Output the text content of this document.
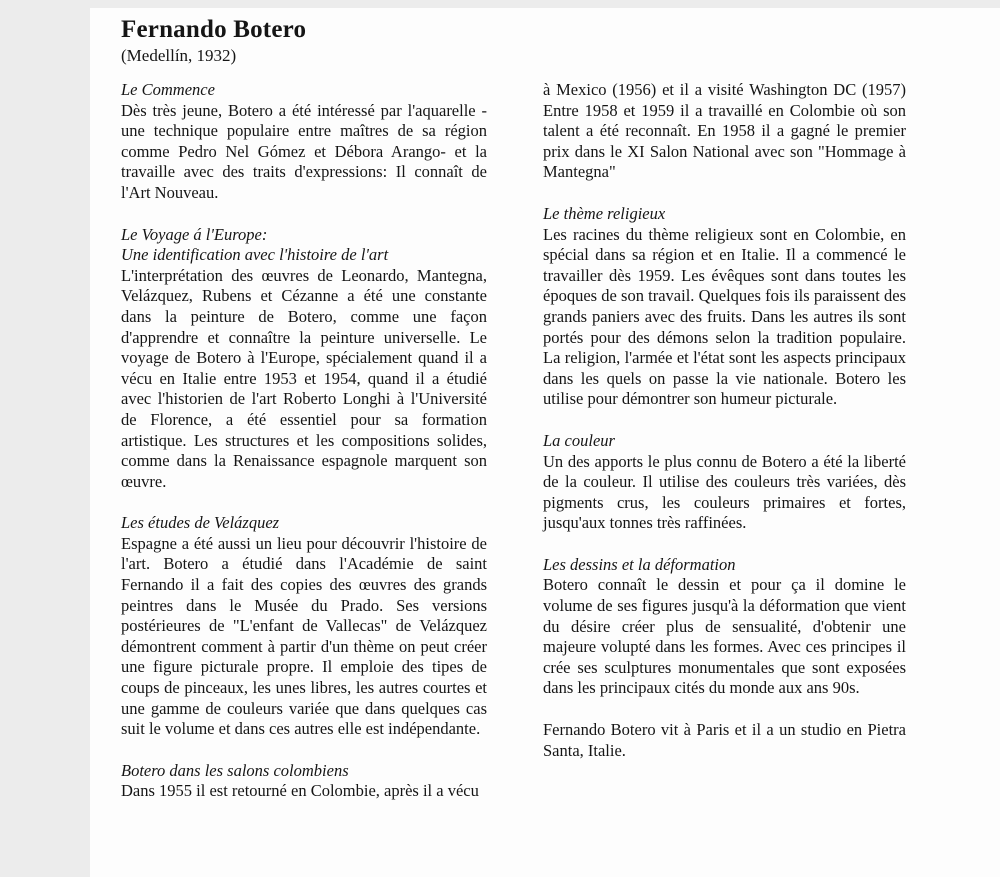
Fernando Botero

(Medellín, 1932)

Le Commence

Dès très jeune, Botero a été intéressé par l'aquarelle - une technique populaire entre maîtres de sa région comme Pedro Nel Gómez et Débora Arango- et la travaille avec des traits d'expressions: Il connaît de l'Art Nouveau.

Le Voyage á l'Europe:

Une identification avec l'histoire de l'art

L'interprétation des œuvres de Leonardo, Mantegna, Velázquez, Rubens et Cézanne a été une constante dans la peinture de Botero, comme une façon d'apprendre et connaître la peinture universelle. Le voyage de Botero à l'Europe, spécialement quand il a vécu en Italie entre 1953 et 1954, quand il a étudié avec l'historien de l'art Roberto Longhi à l'Université de Florence, a été essentiel pour sa formation artistique. Les structures et les compositions solides, comme dans la Renaissance espagnole marquent son œuvre.

Les études de Velázquez

Espagne a été aussi un lieu pour découvrir l'histoire de l'art. Botero a étudié dans l'Académie de saint Fernando il a fait des copies des œuvres des grands peintres dans le Musée du Prado. Ses versions postérieures de "L'enfant de Vallecas" de Velázquez démontrent comment à partir d'un thème on peut créer une figure picturale propre. Il emploie des tipes de coups de pinceaux, les unes libres, les autres courtes et une gamme de couleurs variée que dans quelques cas suit le volume et dans ces autres elle est indépendante.

Botero dans les salons colombiens

Dans 1955 il est retourné en Colombie, après il a vécu

à Mexico (1956) et il a visité Washington DC (1957) Entre 1958 et 1959 il a travaillé en Colombie où son talent a été reconnaît. En 1958 il a gagné le premier prix dans le XI Salon National avec son "Hommage à Mantegna"

Le thème religieux

Les racines du thème religieux sont en Colombie, en spécial dans sa région et en Italie. Il a commencé le travailler dès 1959. Les évêques sont dans toutes les époques de son travail. Quelques fois ils paraissent des grands paniers avec des fruits. Dans les autres ils sont portés pour des démons selon la tradition populaire. La religion, l'armée et l'état sont les aspects principaux dans les quels on passe la vie nationale. Botero les utilise pour démontrer son humeur picturale.

La couleur

Un des apports le plus connu de Botero a été la liberté de la couleur. Il utilise des couleurs très variées, dès pigments crus, les couleurs primaires et fortes, jusqu'aux tonnes très raffinées.

Les dessins et la déformation

Botero connaît le dessin et pour ça il domine le volume de ses figures jusqu'à la déformation que vient du désire créer plus de sensualité, d'obtenir une majeure volupté dans les formes. Avec ces principes il crée ses sculptures monumentales que sont exposées dans les principaux cités du monde aux ans 90s.

Fernando Botero vit à Paris et il a un studio en Pietra Santa, Italie.
